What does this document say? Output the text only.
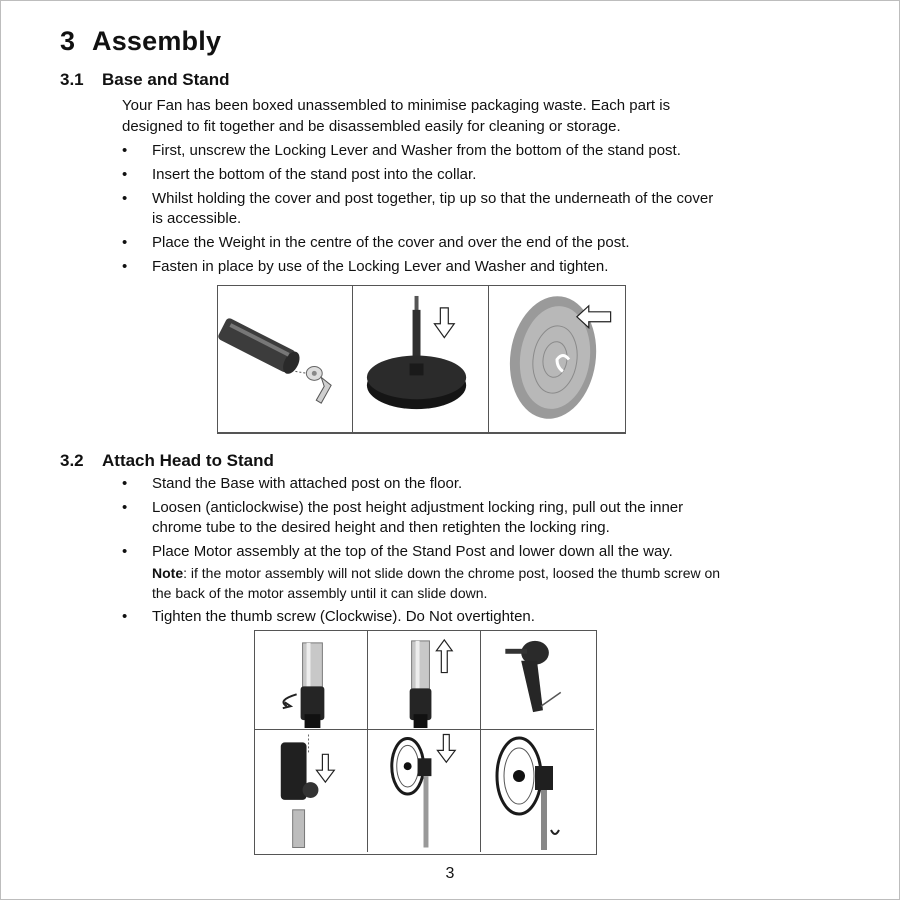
3 Assembly
3.1 Base and Stand

Your Fan has been boxed unassembled to minimise packaging waste. Each part is designed to fit together and be disassembled easily for cleaning or storage.

• First, unscrew the Locking Lever and Washer from the bottom of the stand post.
• Insert the bottom of the stand post into the collar.
• Whilst holding the cover and post together, tip up so that the underneath of the cover is accessible.
• Place the Weight in the centre of the cover and over the end of the post.
• Fasten in place by use of the Locking Lever and Washer and tighten.
3.2 Attach Head to Stand
• Stand the Base with attached post on the floor.
• Loosen (anticlockwise) the post height adjustment locking ring, pull out the inner chrome tube to the desired height and then retighten the locking ring.
• Place Motor assembly at the top of the Stand Post and lower down all the way.
Note: if the motor assembly will not slide down the chrome post, loosed the thumb screw on the back of the motor assembly until it can slide down.
• Tighten the thumb screw (Clockwise). Do Not overtighten.
3
